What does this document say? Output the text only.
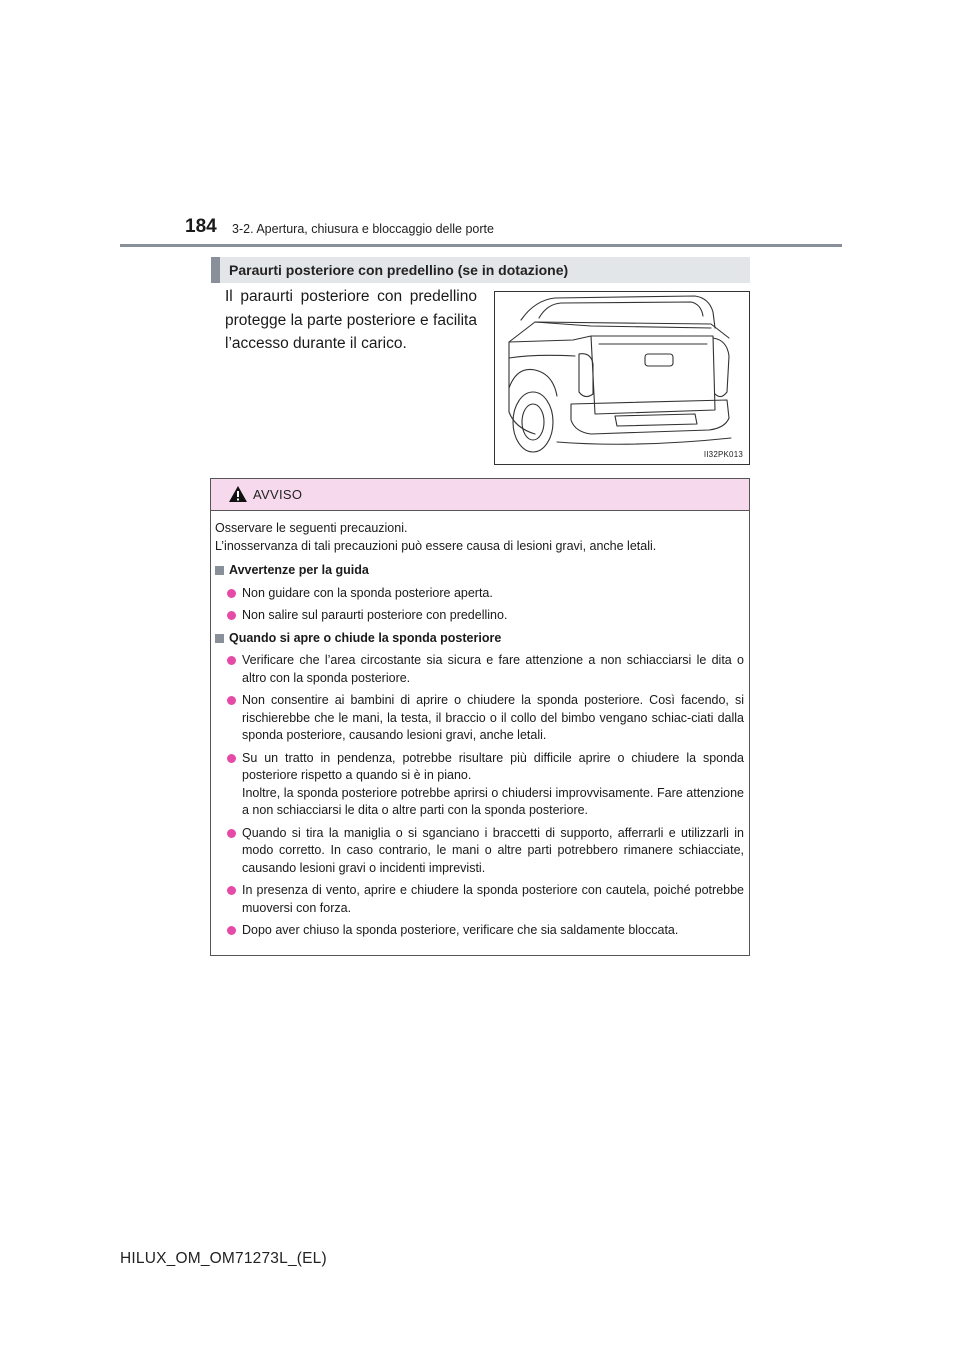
184 3-2. Apertura, chiusura e bloccaggio delle porte
Paraurti posteriore con predellino (se in dotazione)
Il paraurti posteriore con predellino protegge la parte posteriore e facilita l’accesso durante il carico.
II32PK013
AVVISO

Osservare le seguenti precauzioni.

L’inosservanza di tali precauzioni può essere causa di lesioni gravi, anche letali.

Avvertenze per la guida
Non guidare con la sponda posteriore aperta.
Non salire sul paraurti posteriore con predellino.
Quando si apre o chiude la sponda posteriore
Verificare che l’area circostante sia sicura e fare attenzione a non schiacciarsi le dita o altro con la sponda posteriore.
Non consentire ai bambini di aprire o chiudere la sponda posteriore. Così facendo, si rischierebbe che le mani, la testa, il braccio o il collo del bimbo vengano schiac-ciati dalla sponda posteriore, causando lesioni gravi, anche letali.

Su un tratto in pendenza, potrebbe risultare più difficile aprire o chiudere la sponda posteriore rispetto a quando si è in piano.

Inoltre, la sponda posteriore potrebbe aprirsi o chiudersi improvvisamente. Fare attenzione a non schiacciarsi le dita o altre parti con la sponda posteriore.

Quando si tira la maniglia o si sganciano i braccetti di supporto, afferrarli e utilizzarli in modo corretto. In caso contrario, le mani o altre parti potrebbero rimanere schiacciate, causando lesioni gravi o incidenti imprevisti.
In presenza di vento, aprire e chiudere la sponda posteriore con cautela, poiché potrebbe muoversi con forza.
Dopo aver chiuso la sponda posteriore, verificare che sia saldamente bloccata.
HILUX_OM_OM71273L_(EL)
